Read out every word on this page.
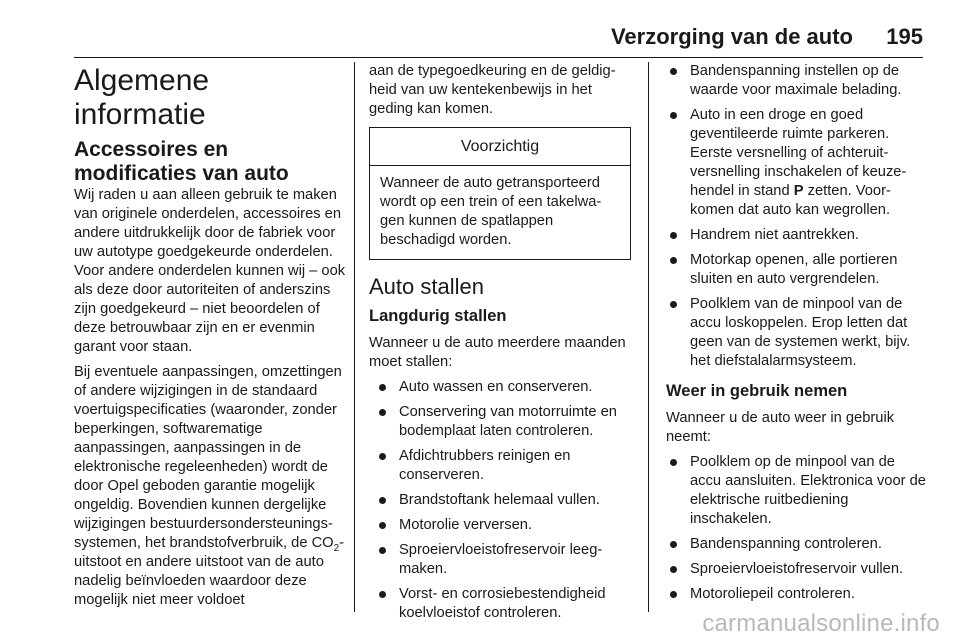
Verzorging van de auto 195
Algemene informatie
Accessoires en modificaties van auto

Wij raden u aan alleen gebruik te maken van originele onderdelen, accessoires en andere uitdrukkelijk door de fabriek voor uw autotype goedgekeurde onderdelen. Voor andere onderdelen kunnen wij – ook als deze door autoriteiten of anderszins zijn goedgekeurd – niet beoordelen of deze betrouwbaar zijn en er evenmin garant voor staan.

Bij eventuele aanpassingen, omzettingen of andere wijzigingen in de standaard voertuigspecificaties (waaronder, zonder beperkingen, softwarematige aanpassingen, aanpassingen in de elektronische regeleenheden) wordt de door Opel geboden garantie mogelijk ongeldig. Bovendien kunnen dergelijke wijzigingen bestuurdersondersteuningssystemen, het brandstofverbruik, de $CO_2$-uitstoot en andere uitstoot van de auto nadelig beïnvloeden waardoor deze mogelijk niet meer voldoet

aan de typegoedkeuring en de geldigheid van uw kentekenbewijs in het geding kan komen.

Voorzichtig
Wanneer de auto getransporteerd wordt op een trein of een takelwagen kunnen de spatlappen beschadigd worden.
Auto stallen
Langdurig stallen

Wanneer u de auto meerdere maanden moet stallen:

Auto wassen en conserveren.
Conservering van motorruimte en bodemplaat laten controleren.
Afdichtrubbers reinigen en conserveren.
Brandstoftank helemaal vullen.
Motorolie verversen.
Sproeiervloeistofreservoir leegmaken.
Vorst- en corrosiebestendigheid koelvloeistof controleren.
Bandenspanning instellen op de waarde voor maximale belading.
Auto in een droge en goed geventileerde ruimte parkeren. Eerste versnelling of achteruitversnelling inschakelen of keuzehendel in stand P zetten. Voorkomen dat auto kan wegrollen.
Handrem niet aantrekken.
Motorkap openen, alle portieren sluiten en auto vergrendelen.
Poolklem van de minpool van de accu loskoppelen. Erop letten dat geen van de systemen werkt, bijv. het diefstalalarmsysteem.
Weer in gebruik nemen

Wanneer u de auto weer in gebruik neemt:

Poolklem op de minpool van de accu aansluiten. Elektronica voor de elektrische ruitbediening inschakelen.
Bandenspanning controleren.
Sproeiervloeistofreservoir vullen.
Motoroliepeil controleren.
carmanualsonline.info
